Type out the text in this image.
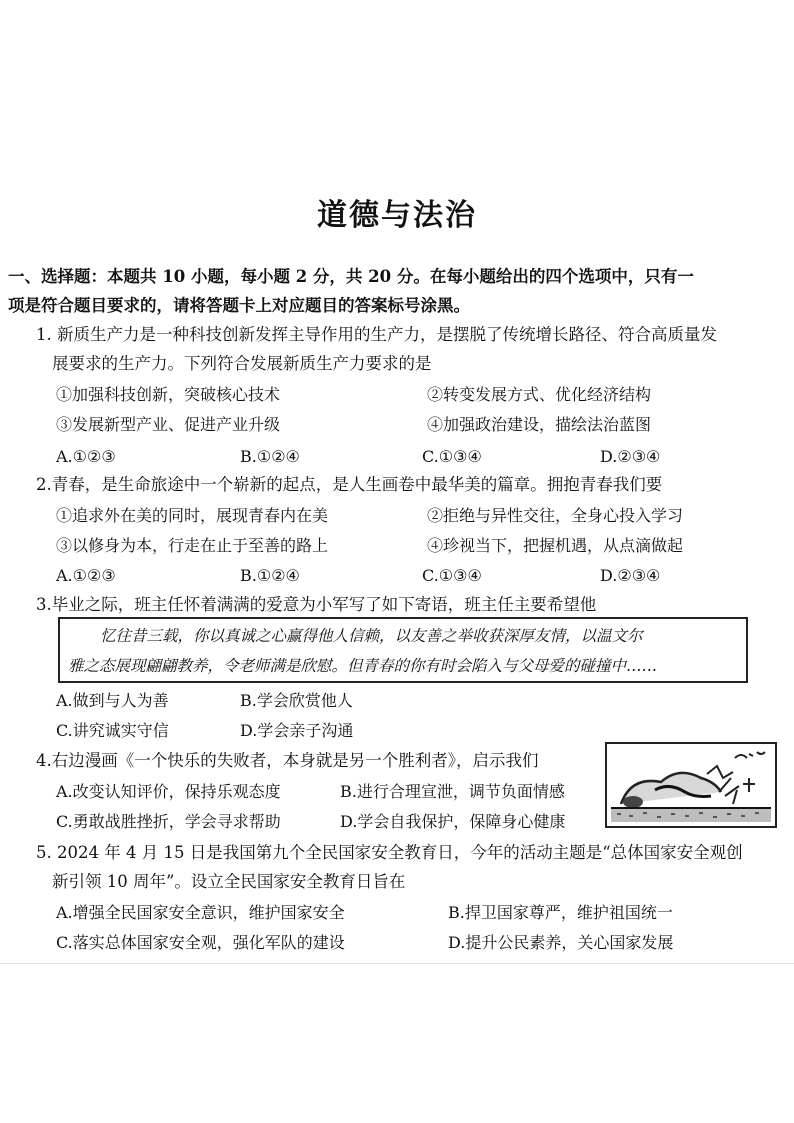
道德与法治
一、选择题：本题共 10 小题，每小题 2 分，共 20 分。在每小题给出的四个选项中，只有一
项是符合题目要求的，请将答题卡上对应题目的答案标号涂黑。
1. 新质生产力是一种科技创新发挥主导作用的生产力，是摆脱了传统增长路径、符合高质量发
展要求的生产力。下列符合发展新质生产力要求的是
①加强科技创新，突破核心技术	②转变发展方式、优化经济结构
③发展新型产业、促进产业升级	④加强政治建设，描绘法治蓝图
A.①②③	B.①②④	C.①③④	D.②③④
2.青春，是生命旅途中一个崭新的起点，是人生画卷中最华美的篇章。拥抱青春我们要
①追求外在美的同时，展现青春内在美	②拒绝与异性交往，全身心投入学习
③以修身为本，行走在止于至善的路上	④珍视当下，把握机遇，从点滴做起
A.①②③	B.①②④	C.①③④	D.②③④
3.毕业之际，班主任怀着满满的爱意为小军写了如下寄语，班主任主要希望他
忆往昔三载，你以真诚之心赢得他人信赖，以友善之举收获深厚友情，以温文尔
雅之态展现翩翩教养，令老师满是欣慰。但青春的你有时会陷入与父母爱的碰撞中……
A.做到与人为善	B.学会欣赏他人
C.讲究诚实守信	D.学会亲子沟通
4.右边漫画《一个快乐的失败者，本身就是另一个胜利者》，启示我们
A.改变认知评价，保持乐观态度	B.进行合理宣泄，调节负面情感
C.勇敢战胜挫折，学会寻求帮助	D.学会自我保护，保障身心健康
5. 2024 年 4 月 15 日是我国第九个全民国家安全教育日，今年的活动主题是“总体国家安全观创
新引领 10 周年”。设立全民国家安全教育日旨在
A.增强全民国家安全意识，维护国家安全	B.捍卫国家尊严，维护祖国统一
C.落实总体国家安全观，强化军队的建设	D.提升公民素养，关心国家发展
